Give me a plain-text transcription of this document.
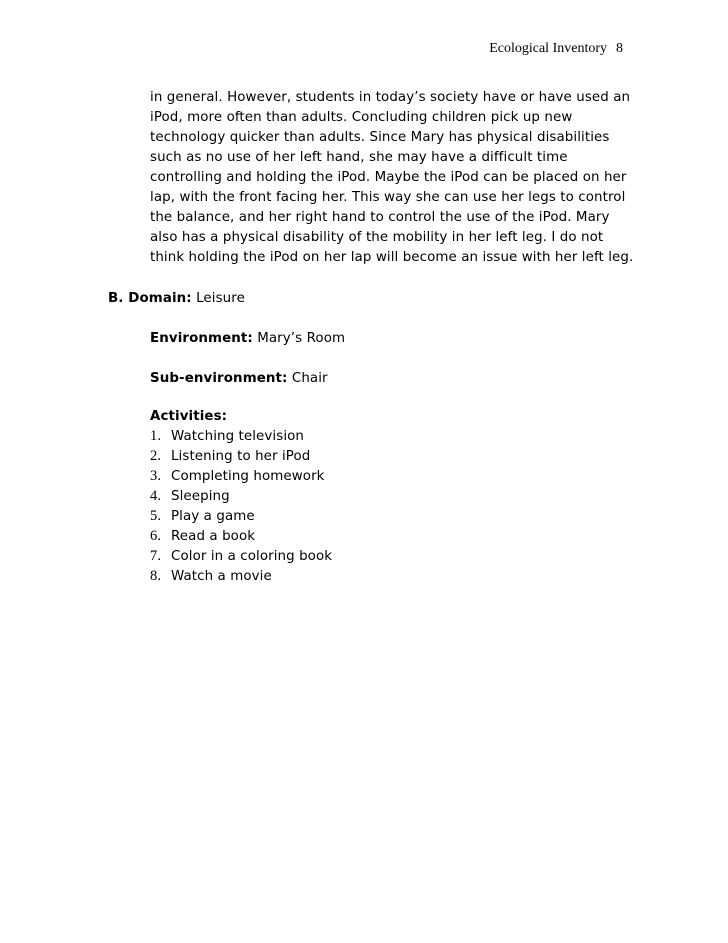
Ecological Inventory 8
in general. However, students in today’s society have or have used an
iPod, more often than adults. Concluding children pick up new
technology quicker than adults. Since Mary has physical disabilities
such as no use of her left hand, she may have a difficult time
controlling and holding the iPod. Maybe the iPod can be placed on her
lap, with the front facing her. This way she can use her legs to control
the balance, and her right hand to control the use of the iPod. Mary
also has a physical disability of the mobility in her left leg. I do not
think holding the iPod on her lap will become an issue with her left leg.
B. Domain: Leisure
Environment: Mary’s Room
Sub-environment: Chair
Activities:
1. Watching television
2. Listening to her iPod
3. Completing homework
4. Sleeping
5. Play a game
6. Read a book
7. Color in a coloring book
8. Watch a movie
